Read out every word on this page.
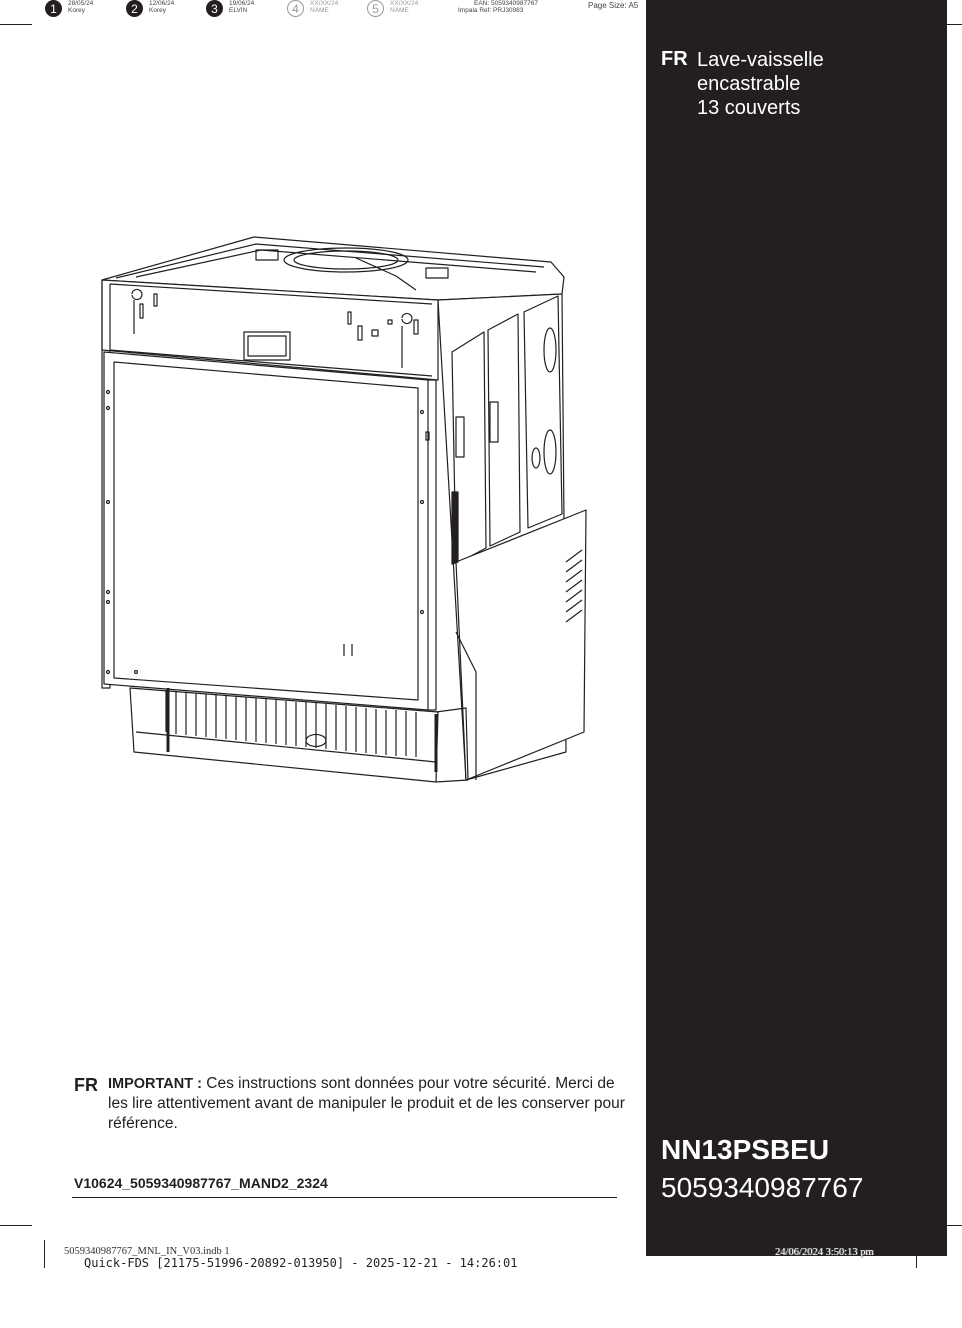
1	28/05/24
Korey	2	12/06/24
Korey	3	19/06/24
ELVIN	4	XX/XX/24
NAME	5	XX/XX/24
NAME
EAN: 5059340987767
Impala Ref: PRJ30983
Page Size: A5
FR Lave-vaisselle
encastrable
13 couverts
NN13PSBEU
5059340987767
FR IMPORTANT : Ces instructions sont données pour votre sécurité. Merci de les lire attentivement avant de manipuler le produit et de les conserver pour référence.
V10624_5059340987767_MAND2_2324
5059340987767_MNL_IN_V03.indb 1
Quick-FDS [21175-51996-20892-013950] - 2025-12-21 - 14:26:01
24/06/2024 3:50:13 pm
